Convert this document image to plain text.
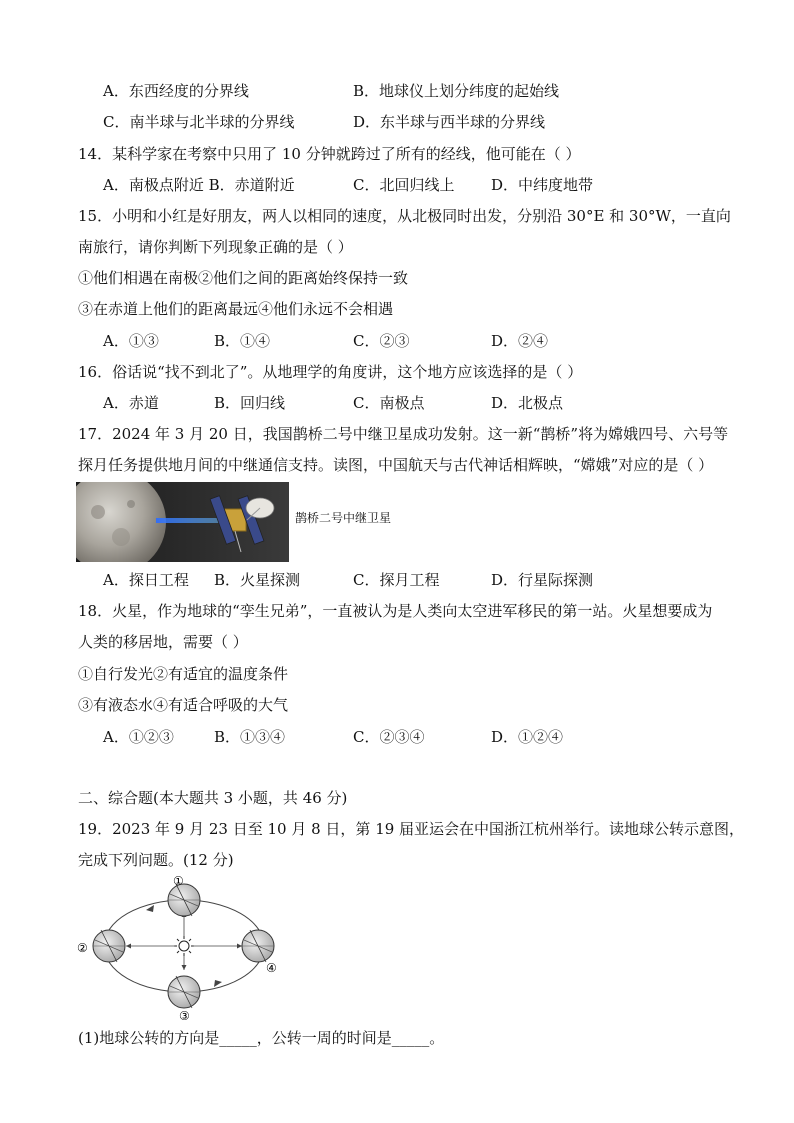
A．东西经度的分界线	B．地球仪上划分纬度的起始线
C．南半球与北半球的分界线	D．东半球与西半球的分界线
14．某科学家在考察中只用了 10 分钟就跨过了所有的经线，他可能在（ ）
A．南极点附近 B．赤道附近	C．北回归线上 D．中纬度地带
15．小明和小红是好朋友，两人以相同的速度，从北极同时出发，分别沿 30°E 和 30°W，一直向
南旅行，请你判断下列现象正确的是（ ）
①他们相遇在南极②他们之间的距离始终保持一致
③在赤道上他们的距离最远④他们永远不会相遇
A．①③	B．①④	C．②③	D．②④
16．俗话说“找不到北了”。从地理学的角度讲，这个地方应该选择的是（ ）
A．赤道	B．回归线	C．南极点	D．北极点
17．2024 年 3 月 20 日，我国鹊桥二号中继卫星成功发射。这一新“鹊桥”将为嫦娥四号、六号等
探月任务提供地月间的中继通信支持。读图，中国航天与古代神话相辉映，“嫦娥”对应的是（ ）
鹊桥二号中继卫星
A．探日工程 B．火星探测	C．探月工程	D．行星际探测
18．火星，作为地球的“孪生兄弟”，一直被认为是人类向太空进军移民的第一站。火星想要成为
人类的移居地，需要（ ）
①自行发光②有适宜的温度条件
③有液态水④有适合呼吸的大气
A．①②③	B．①③④	C．②③④	D．①②④
二、综合题(本大题共 3 小题，共 46 分)
19．2023 年 9 月 23 日至 10 月 8 日，第 19 届亚运会在中国浙江杭州举行。读地球公转示意图，
完成下列问题。(12 分)
①
②
③
④
(1)地球公转的方向是_____，公转一周的时间是_____。
